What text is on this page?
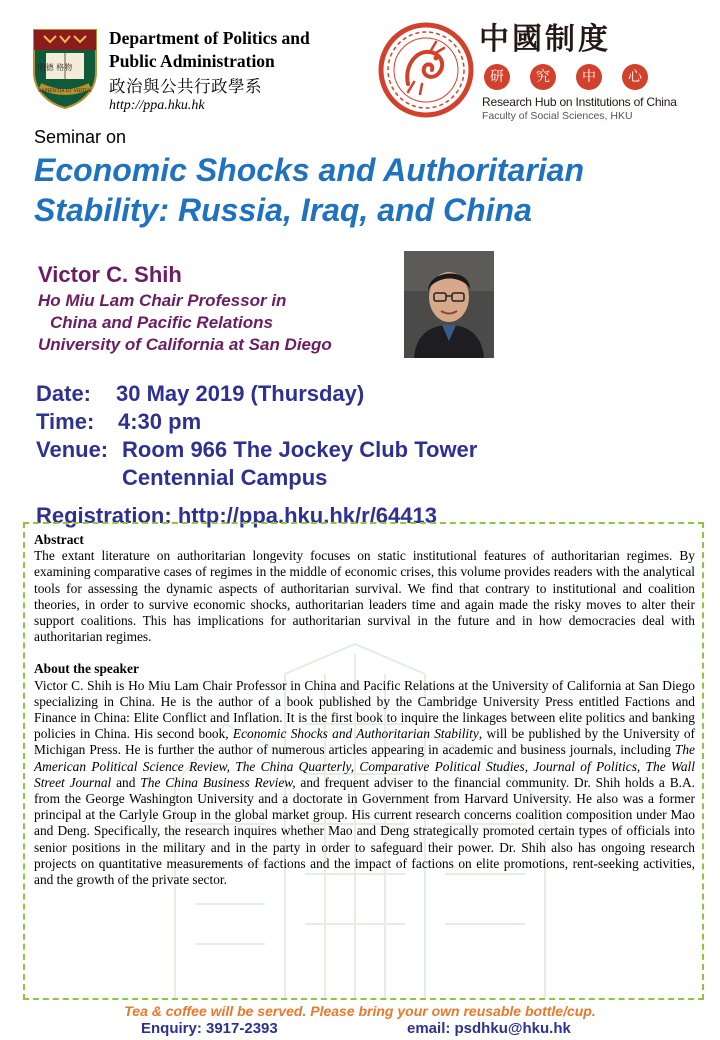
明德 格物
SAPIENTIA ET VIRTUS
Department of Politics and
Public Administration
政治與公共行政學系
http://ppa.hku.hk
中國制度
研	究	中	心
Research Hub on Institutions of China
Faculty of Social Sciences, HKU
Seminar on
Economic Shocks and Authoritarian
Stability: Russia, Iraq, and China
Victor C. Shih
Ho Miu Lam Chair Professor in
China and Pacific Relations
University of California at San Diego
Date:	30 May 2019 (Thursday)
Time:	4:30 pm
Venue: Room 966 The Jockey Club Tower
Centennial Campus
Registration:
http://ppa.hku.hk/r/64413
Abstract

The extant literature on authoritarian longevity focuses on static institutional features of authoritarian regimes. By examining comparative cases of regimes in the middle of economic crises, this volume provides readers with the analytical tools for assessing the dynamic aspects of authoritarian survival. We find that contrary to institutional and coalition theories, in order to survive economic shocks, authoritarian leaders time and again made the risky moves to alter their support coalitions. This has implications for authoritarian survival in the future and in how democracies deal with authoritarian regimes.

About the speaker

Victor C. Shih is Ho Miu Lam Chair Professor in China and Pacific Relations at the University of California at San Diego specializing in China. He is the author of a book published by the Cambridge University Press entitled Factions and Finance in China: Elite Conflict and Inflation. It is the first book to inquire the linkages between elite politics and banking policies in China. His second book, Economic Shocks and Authoritarian Stability, will be published by the University of Michigan Press. He is further the author of numerous articles appearing in academic and business journals, including The American Political Science Review, The China Quarterly, Comparative Political Studies, Journal of Politics, The Wall Street Journal and The China Business Review, and frequent adviser to the financial community. Dr. Shih holds a B.A. from the George Washington University and a doctorate in Government from Harvard University. He also was a former principal at the Carlyle Group in the global market group. His current research concerns coalition composition under Mao and Deng. Specifically, the research inquires whether Mao and Deng strategically promoted certain types of officials into senior positions in the military and in the party in order to safeguard their power. Dr. Shih also has ongoing research projects on quantitative measurements of factions and the impact of factions on elite promotions, rent-seeking activities, and the growth of the private sector.

Tea & coffee will be served. Please bring your own reusable bottle/cup.
Enquiry: 3917-2393	email: psdhku@hku.hk
